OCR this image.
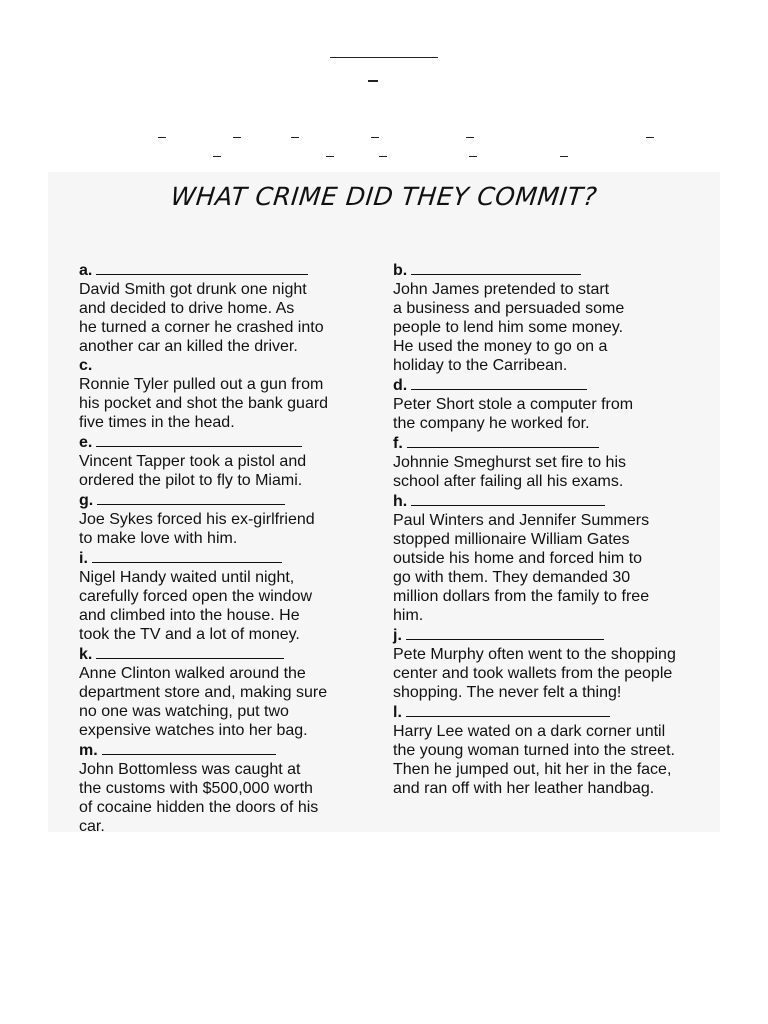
WHAT CRIME DID THEY COMMIT?
a.
David Smith got drunk one night
and decided to drive home. As
he turned a corner he crashed into
another car an killed the driver.
c.
Ronnie Tyler pulled out a gun from
his pocket and shot the bank guard
five times in the head.
e.
Vincent Tapper took a pistol and
ordered the pilot to fly to Miami.
g.
Joe Sykes forced his ex-girlfriend
to make love with him.
i.
Nigel Handy waited until night,
carefully forced open the window
and climbed into the house. He
took the TV and a lot of money.
k.
Anne Clinton walked around the
department store and, making sure
no one was watching, put two
expensive watches into her bag.
m.
John Bottomless was caught at
the customs with $500,000 worth
of cocaine hidden the doors of his
car.
b.
John James pretended to start
a business and persuaded some
people to lend him some money.
He used the money to go on a
holiday to the Carribean.
d.
Peter Short stole a computer from
the company he worked for.
f.
Johnnie Smeghurst set fire to his
school after failing all his exams.
h.
Paul Winters and Jennifer Summers
stopped millionaire William Gates
outside his home and forced him to
go with them. They demanded 30
million dollars from the family to free
him.
j.
Pete Murphy often went to the shopping
center and took wallets from the people
shopping. The never felt a thing!
l.
Harry Lee wated on a dark corner until
the young woman turned into the street.
Then he jumped out, hit her in the face,
and ran off with her leather handbag.
